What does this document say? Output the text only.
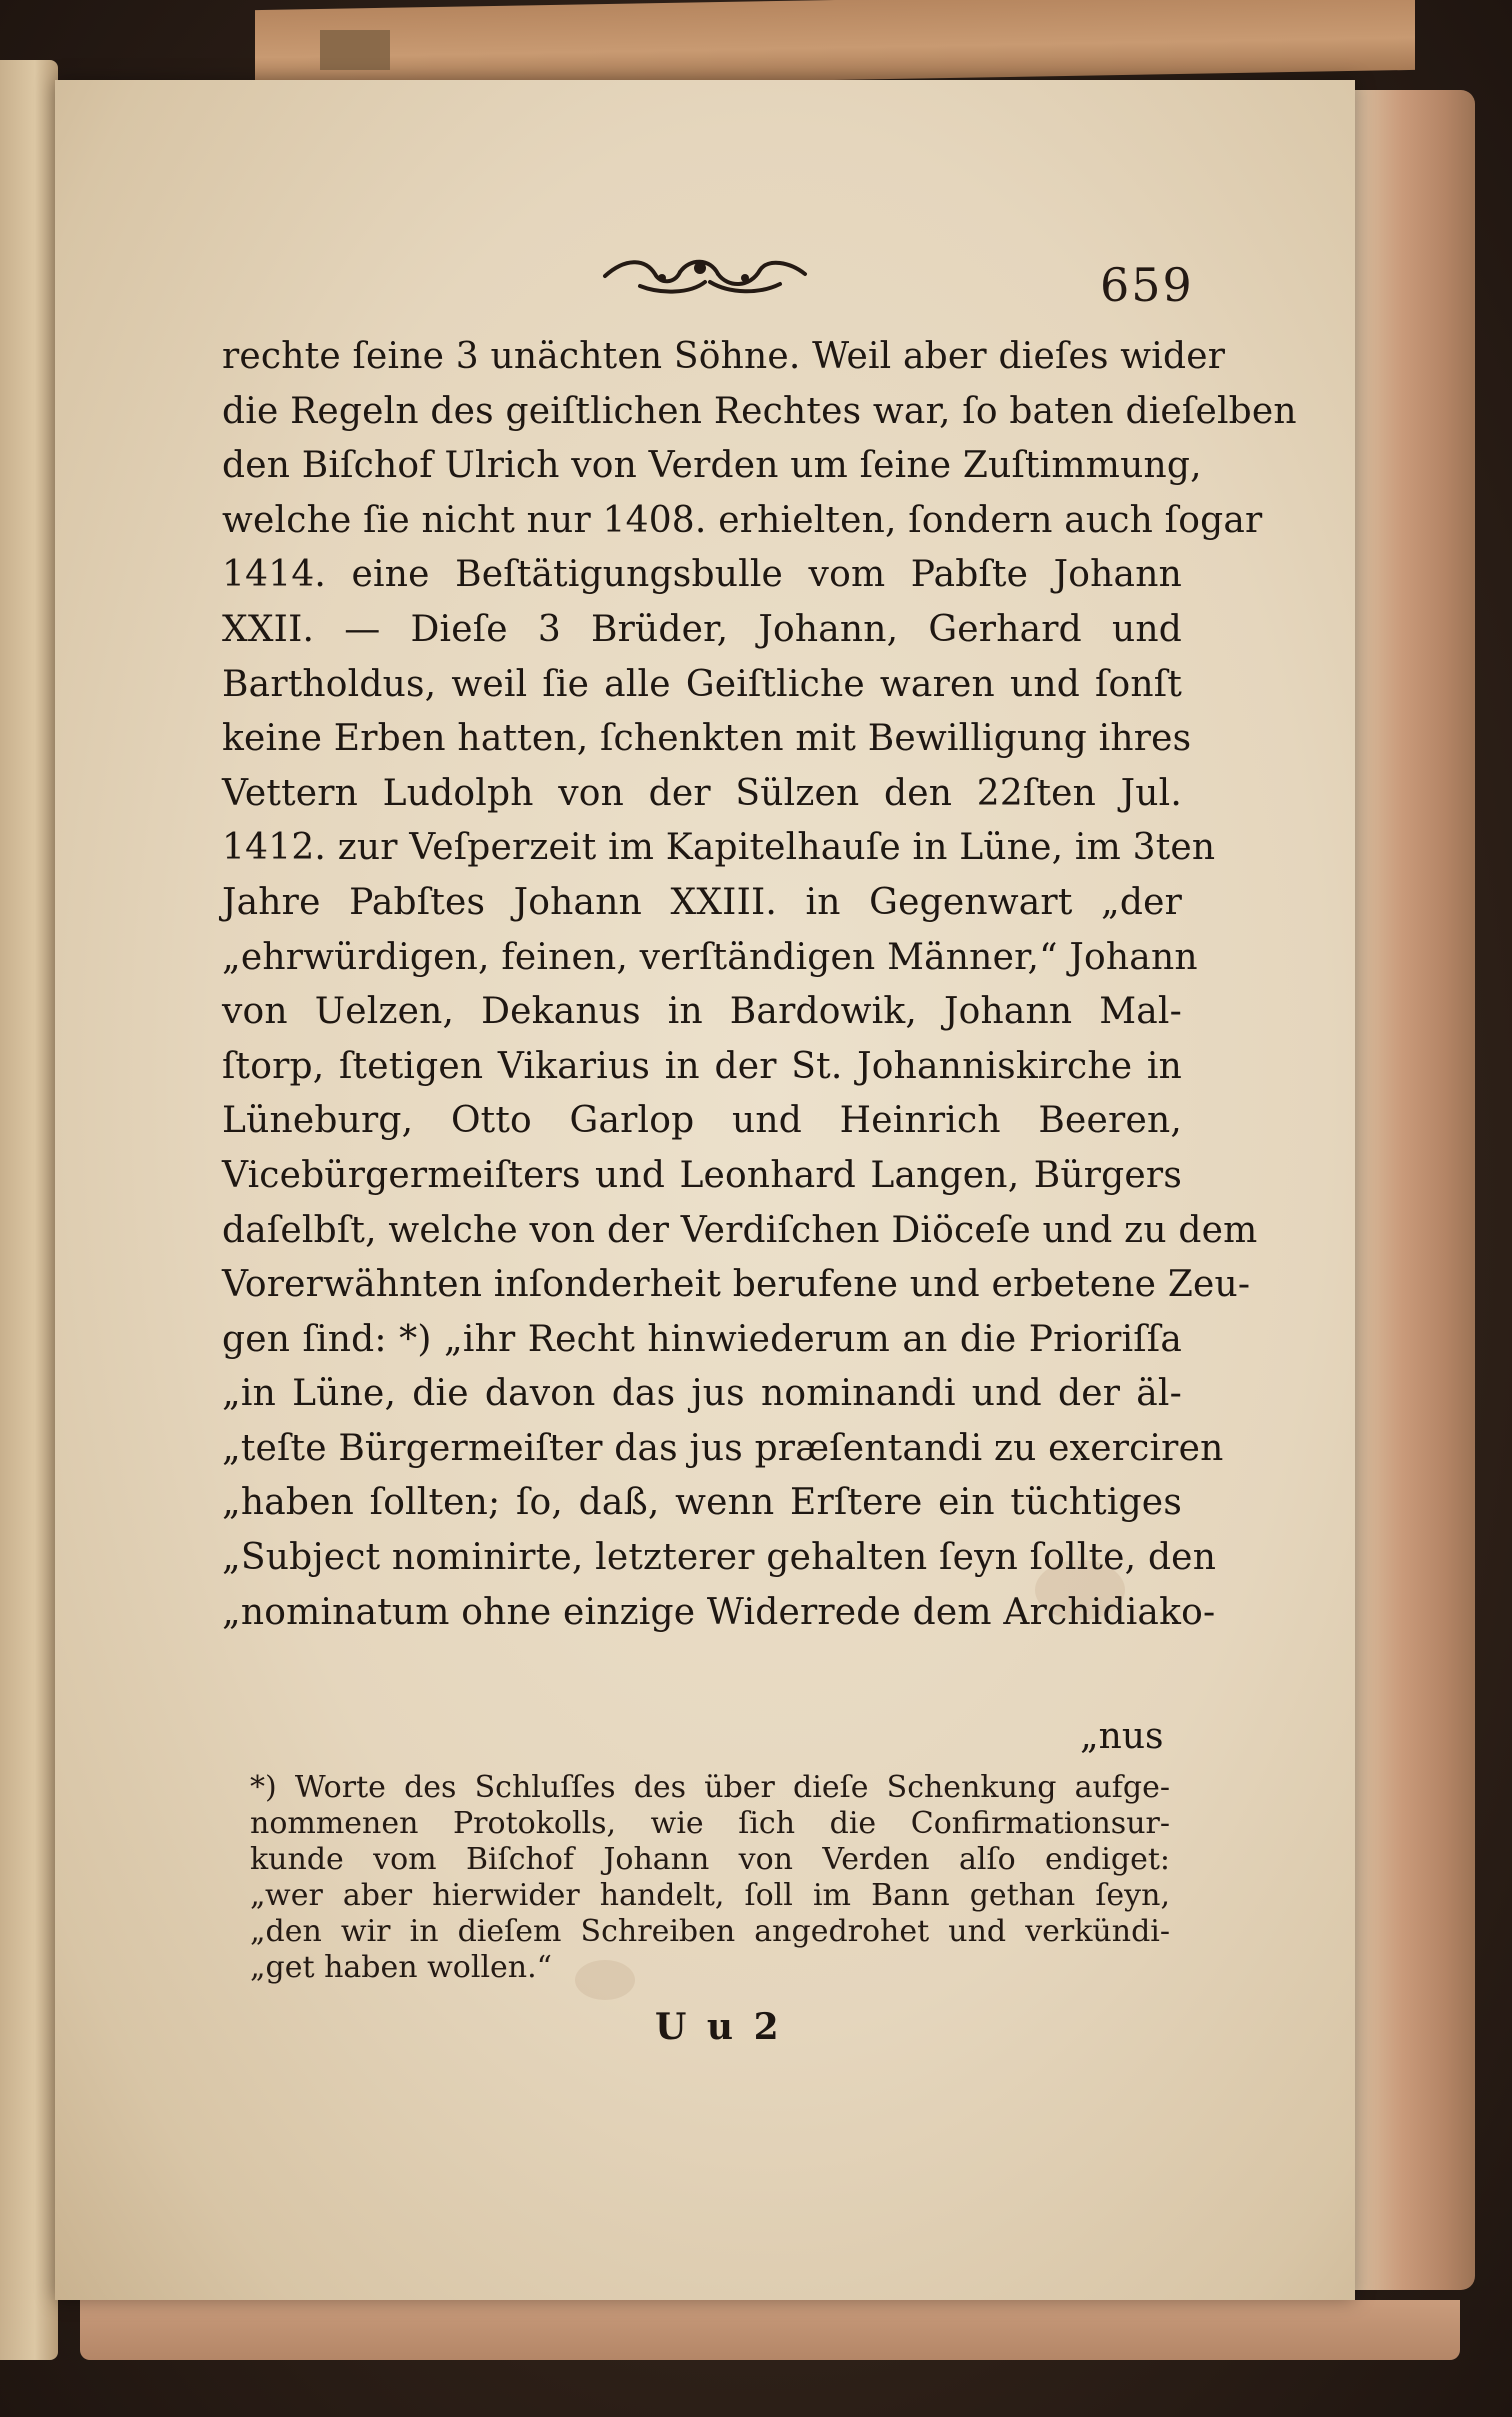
659
rechte ſeine 3 unächten Söhne. Weil aber dieſes wider
die Regeln des geiſtlichen Rechtes war, ſo baten dieſelben
den Biſchof Ulrich von Verden um ſeine Zuſtimmung,
welche ſie nicht nur 1408. erhielten, ſondern auch ſogar
1414. eine Beſtätigungsbulle vom Pabſte Johann
XXII. — Dieſe 3 Brüder, Johann, Gerhard und
Bartholdus, weil ſie alle Geiſtliche waren und ſonſt
keine Erben hatten, ſchenkten mit Bewilligung ihres
Vettern Ludolph von der Sülzen den 22ſten Jul.
1412. zur Veſperzeit im Kapitelhauſe in Lüne, im 3ten
Jahre Pabſtes Johann XXIII. in Gegenwart „der
„ehrwürdigen, feinen, verſtändigen Männer,“ Johann
von Uelzen, Dekanus in Bardowik, Johann Mal-
ſtorp, ſtetigen Vikarius in der St. Johanniskirche in
Lüneburg, Otto Garlop und Heinrich Beeren,
Vicebürgermeiſters und Leonhard Langen, Bürgers
daſelbſt, welche von der Verdiſchen Diöceſe und zu dem
Vorerwähnten inſonderheit berufene und erbetene Zeu-
gen ſind: *) „ihr Recht hinwiederum an die Prioriſſa
„in Lüne, die davon das jus nominandi und der äl-
„teſte Bürgermeiſter das jus præſentandi zu exerciren
„haben ſollten; ſo, daß, wenn Erſtere ein tüchtiges
„Subject nominirte, letzterer gehalten ſeyn ſollte, den
„nominatum ohne einzige Widerrede dem Archidiako-
„nus
*) Worte des Schluſſes des über dieſe Schenkung aufge-
nommenen Protokolls, wie ſich die Confirmationsur-
kunde vom Biſchof Johann von Verden alſo endiget:
„wer aber hierwider handelt, ſoll im Bann gethan ſeyn,
„den wir in dieſem Schreiben angedrohet und verkündi-
„get haben wollen.“
U u 2
